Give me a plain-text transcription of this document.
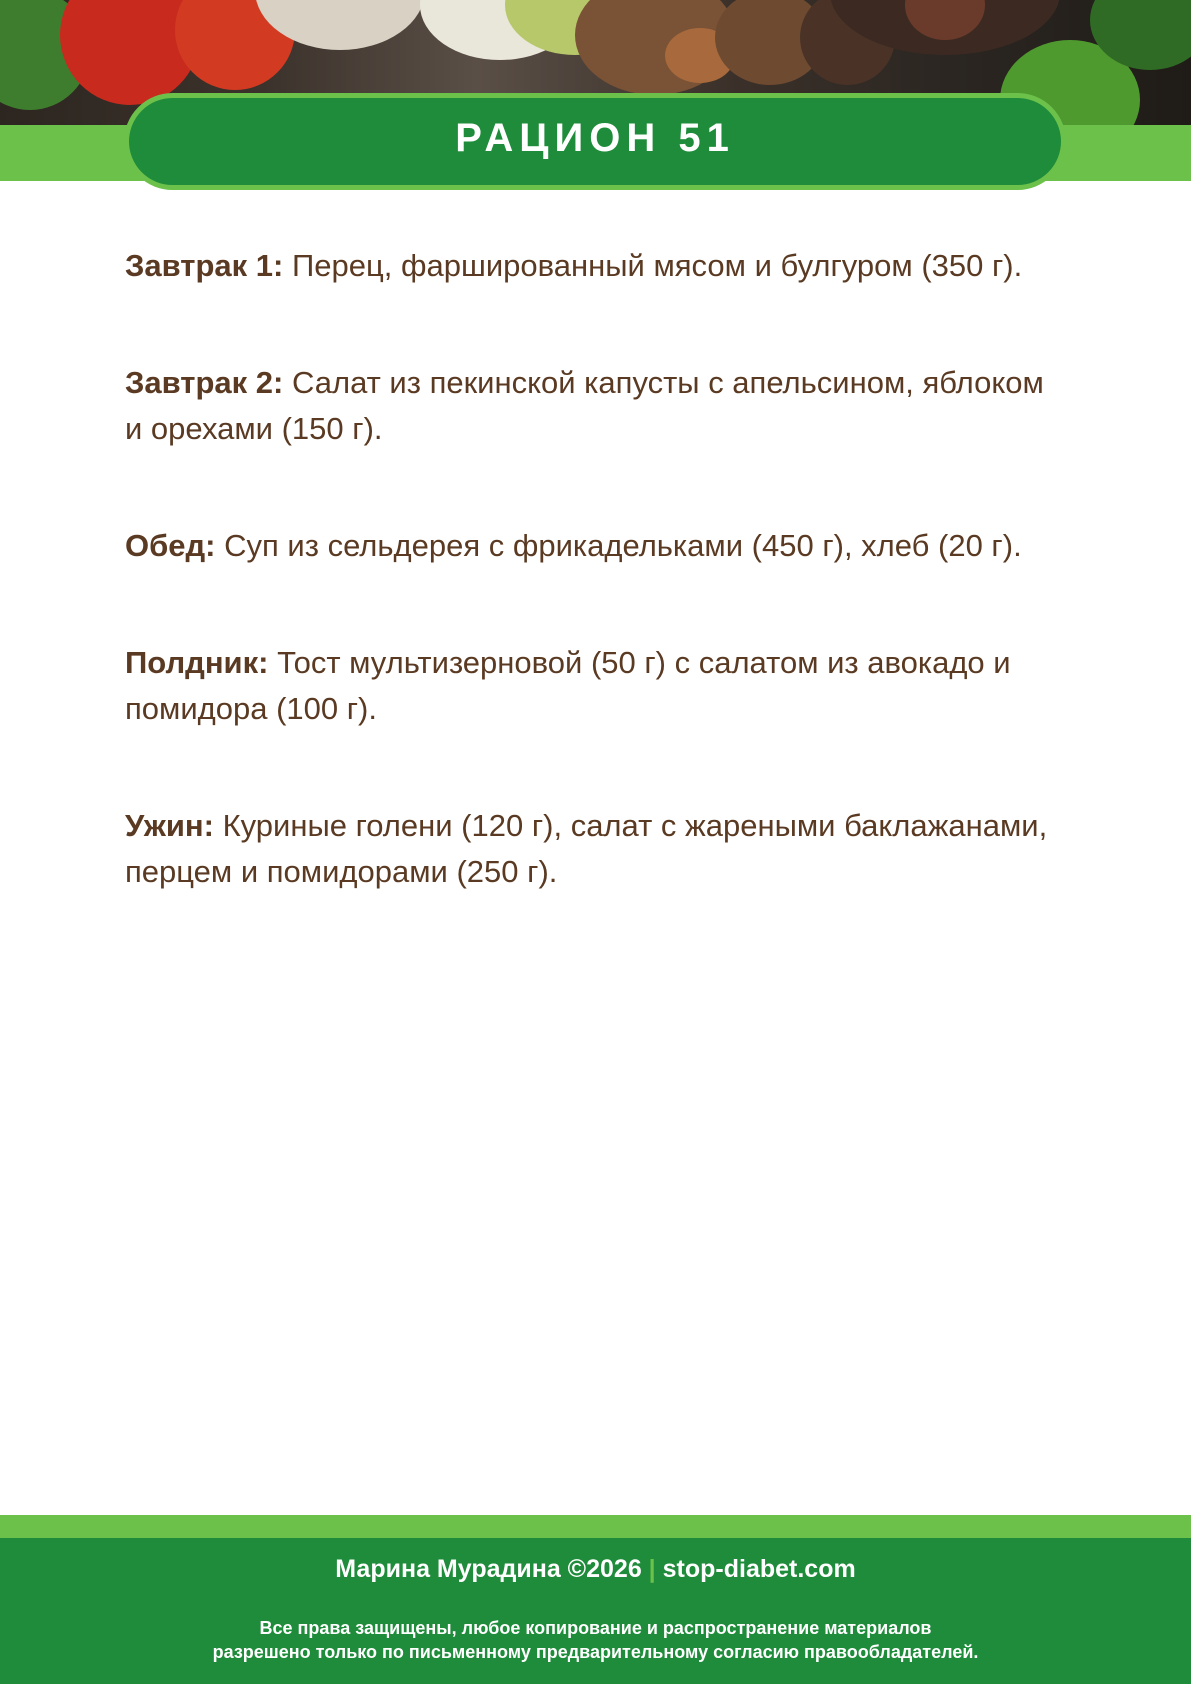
РАЦИОН 51

Завтрак 1: Перец, фаршированный мясом и булгуром (350 г).

Завтрак 2: Салат из пекинской капусты с апельсином, яблоком и орехами (150 г).

Обед: Суп из сельдерея с фрикадельками (450 г), хлеб (20 г).

Полдник: Тост мультизерновой (50 г) с салатом из авокадо и помидора (100 г).

Ужин: Куриные голени (120 г), салат с жареными баклажанами, перцем и помидорами (250 г).

Марина Мурадина ©2026 | stop-diabet.com
Все права защищены, любое копирование и распространение материалов
разрешено только по письменному предварительному согласию правообладателей.
